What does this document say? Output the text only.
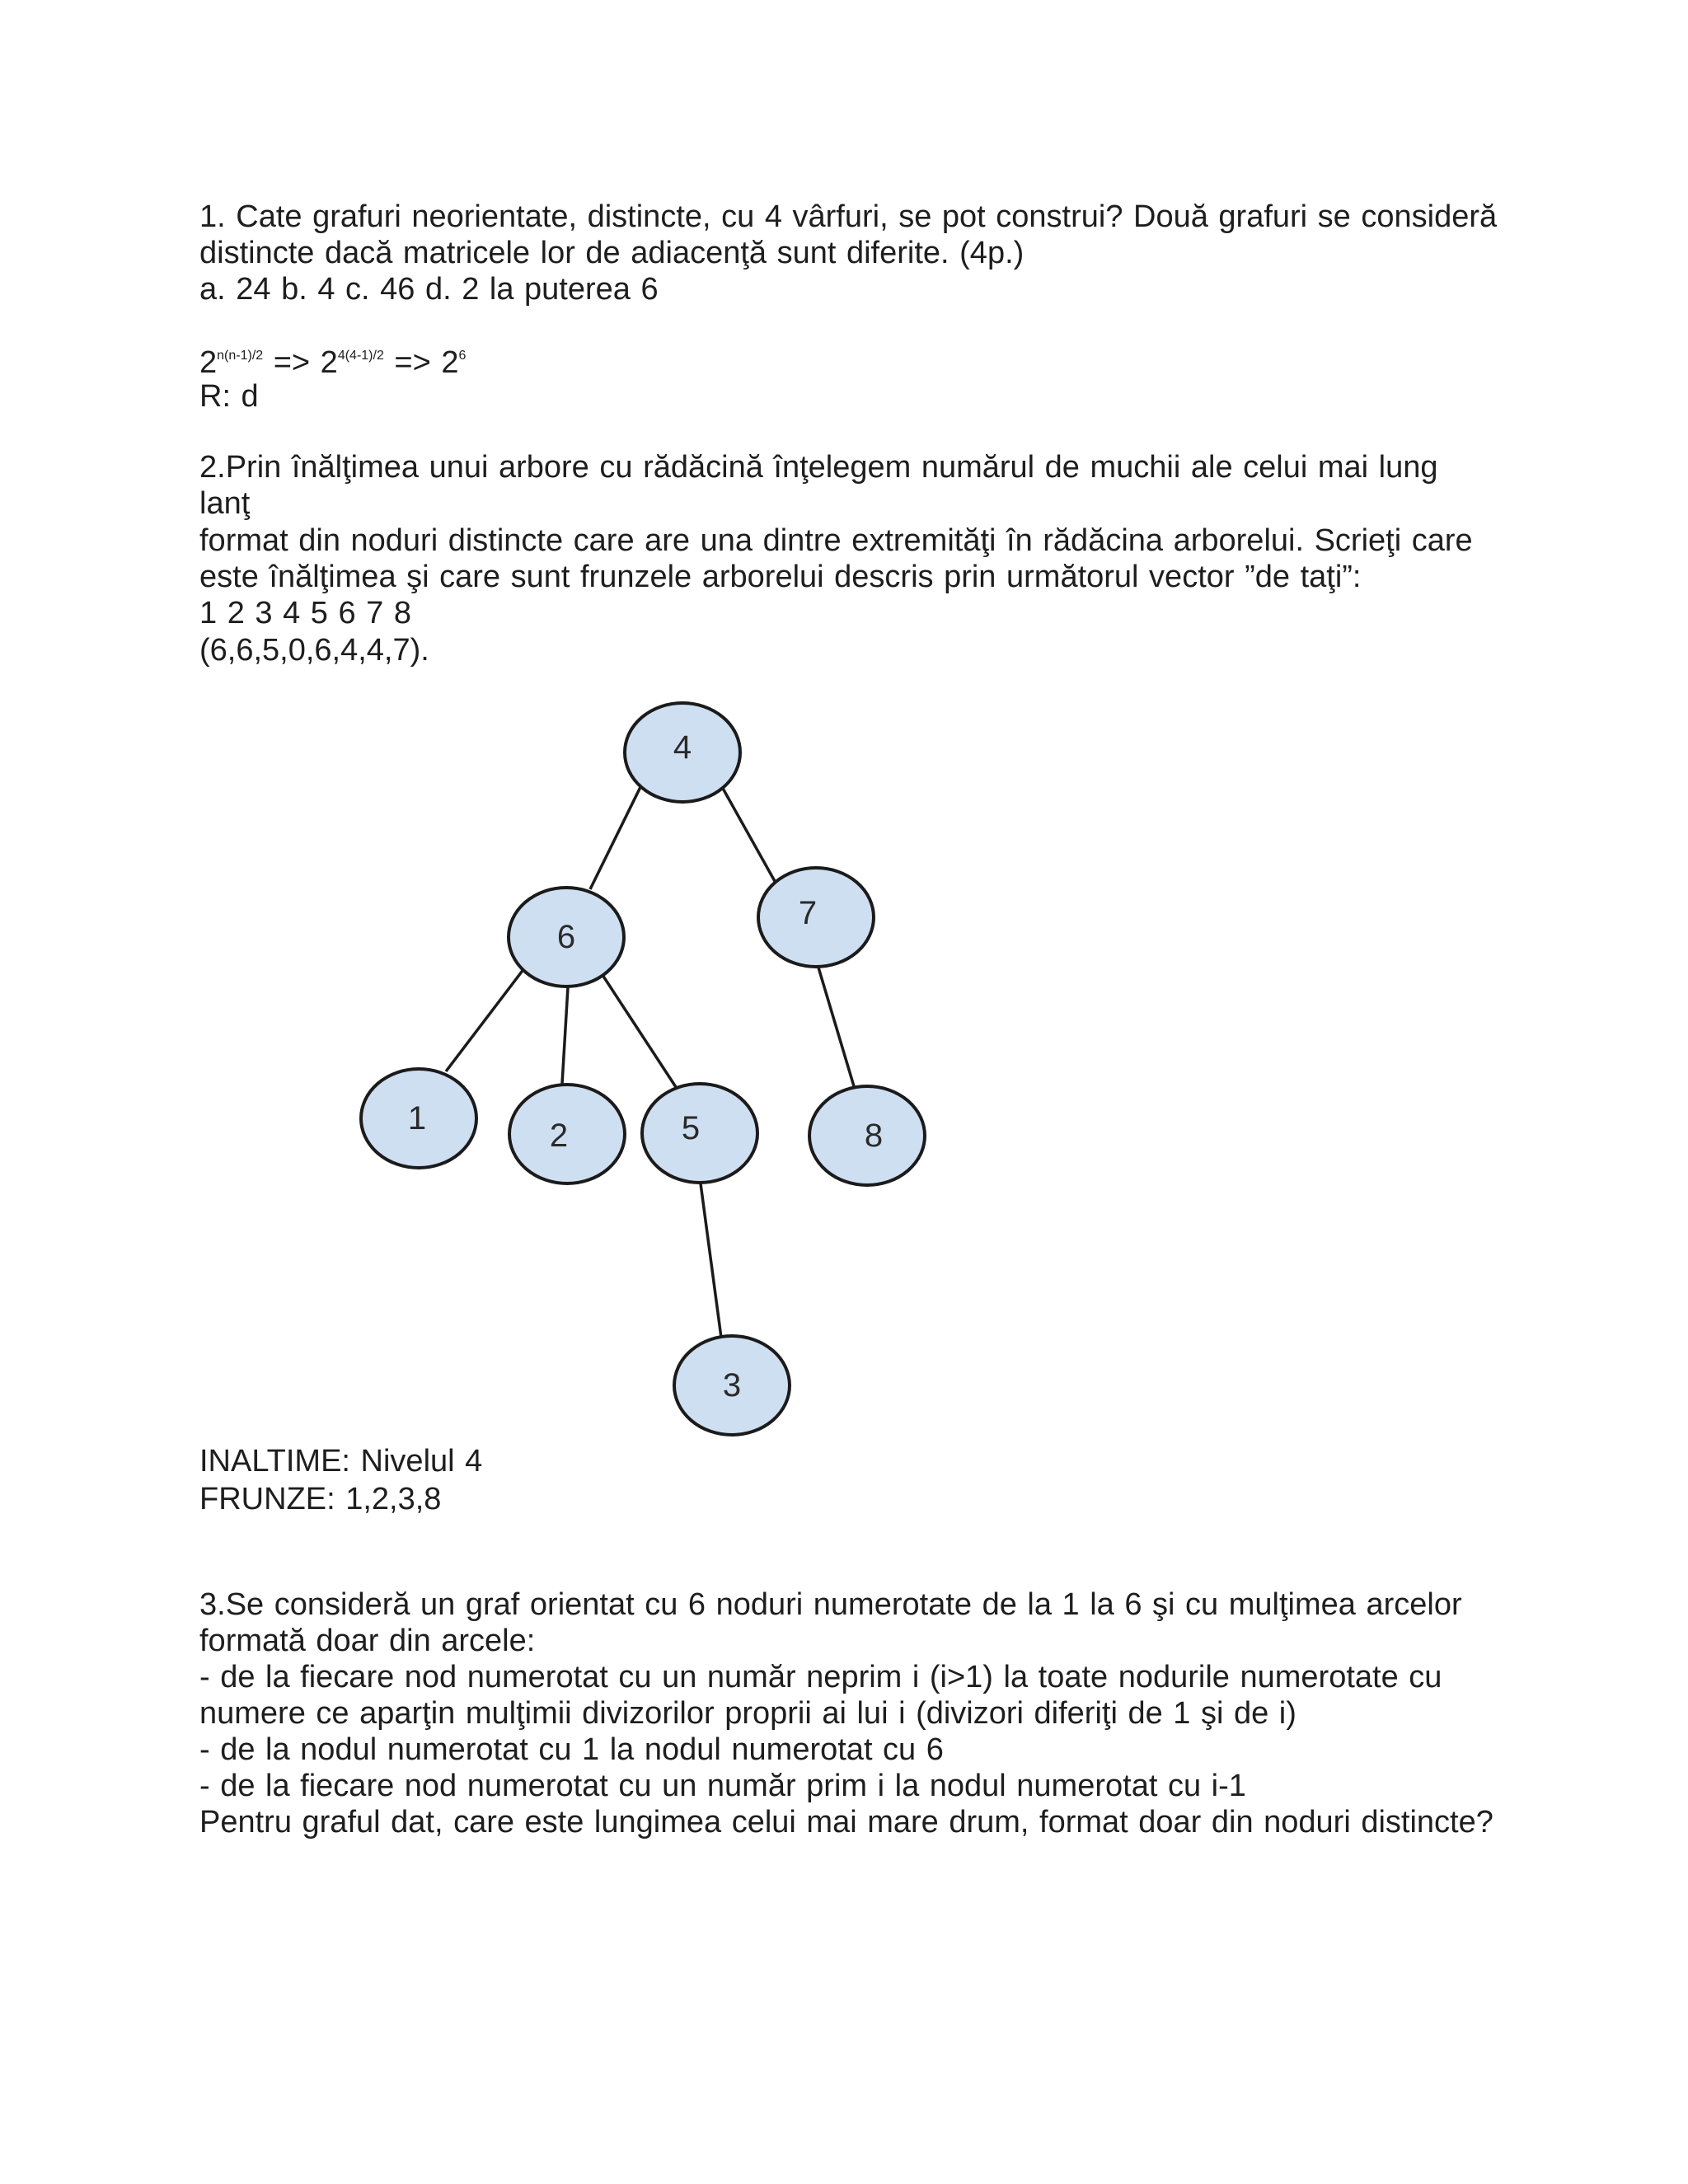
1. Cate grafuri neorientate, distincte, cu 4 vârfuri, se pot construi? Două grafuri se consideră
distincte dacă matricele lor de adiacenţă sunt diferite. (4p.)
a. 24 b. 4 c. 46 d. 2 la puterea 6
$2^{n(n-1)/2} => 2^{4(4-1)/2} => 2^6$
R: d
2.Prin înălţimea unui arbore cu rădăcină înţelegem numărul de muchii ale celui mai lung
lanţ
format din noduri distincte care are una dintre extremităţi în rădăcina arborelui. Scrieţi care
este înălţimea şi care sunt frunzele arborelui descris prin următorul vector ”de taţi”:
1 2 3 4 5 6 7 8
(6,6,5,0,6,4,4,7).
4
6
7
1	2	5	8
3
INALTIME: Nivelul 4
FRUNZE: 1,2,3,8
3.Se consideră un graf orientat cu 6 noduri numerotate de la 1 la 6 şi cu mulţimea arcelor
formată doar din arcele:
- de la fiecare nod numerotat cu un număr neprim i (i>1) la toate nodurile numerotate cu
numere ce aparţin mulţimii divizorilor proprii ai lui i (divizori diferiţi de 1 şi de i)
- de la nodul numerotat cu 1 la nodul numerotat cu 6
- de la fiecare nod numerotat cu un număr prim i la nodul numerotat cu i-1
Pentru graful dat, care este lungimea celui mai mare drum, format doar din noduri distincte?
